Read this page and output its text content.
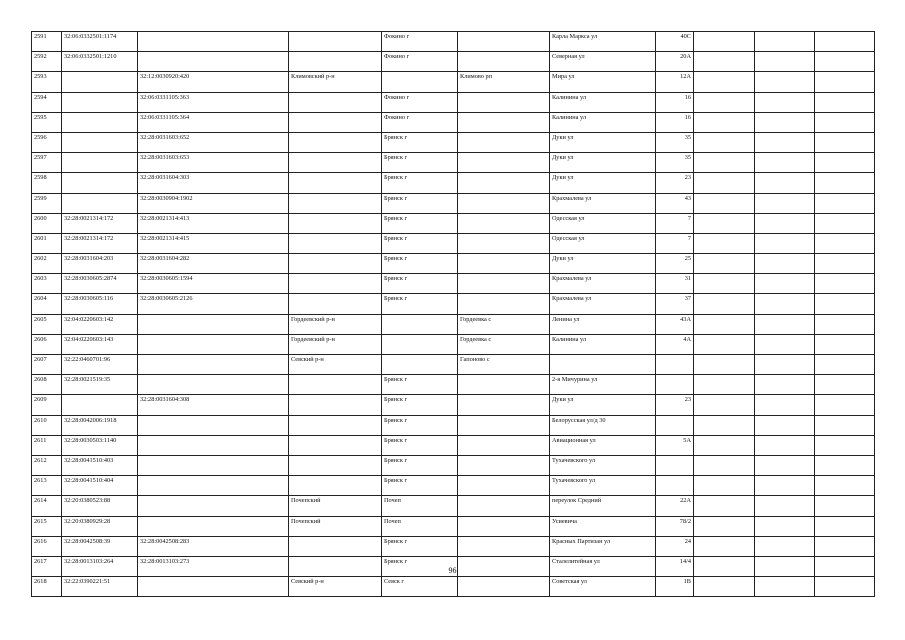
2591	32:06:0332501:1174			Фокино г		Карла Маркса ул	40С			
2592	32:06:0332501:1210			Фокино г		Северная ул	20А			
2593		32:12:0030920:420	Климовский р-н		Климово рп	Мира ул	12А			
2594		32:06:0331105:363		Фокино г		Калинина ул	16			
2595		32:06:0331105:364		Фокино г		Калинина ул	16			
2596		32:28:0031603:652		Брянск г		Дуки ул	35			
2597		32:28:0031603:653		Брянск г		Дуки ул	35			
2598		32:28:0031604:303		Брянск г		Дуки ул	23			
2599		32:28:0030904:1902		Брянск г		Крахмалева ул	43			
2600	32:28:0021314:172	32:28:0021314:413		Брянск г		Одесская ул	7			
2601	32:28:0021314:172	32:28:0021314:415		Брянск г		Одесская ул	7			
2602	32:28:0031604:203	32:28:0031604:282		Брянск г		Дуки ул	25			
2603	32:28:0030605:2874	32:28:0030605:1594		Брянск г		Крахмалева ул	31			
2604	32:28:0030605:116	32:28:0030605:2126		Брянск г		Крахмалева ул	37			
2605	32:04:0220603:142		Гордеевский р-н		Гордеевка с	Ленина ул	43А			
2606	32:04:0220603:143		Гордеевский р-н		Гордеевка с	Калинина ул	4А			
2607	32:22:0460701:96		Севский р-н		Гапоново с					
2608	32:28:0021519:35			Брянск г		2-я Мичурина ул				
2609		32:28:0031604:308		Брянск г		Дуки ул	23			
2610	32:28:0042006:1918			Брянск г		Белорусская ул/д 30				
2611	32:28:0030503:1140			Брянск г		Авиационная ул	5А			
2612	32:28:0041510:403			Брянск г		Тухачевского ул				
2613	32:28:0041510:404			Брянск г		Тухачевского ул				
2614	32:20:0380523:88		Почепский	Почеп		переулок Средний	22А			
2615	32:20:0380929:28		Почепский	Почеп		Усиевича	78/2			
2616	32:28:0042508:39	32:28:0042508:283		Брянск г		Красных Партизан ул	24			
2617	32:28:0013103:264	32:28:0013103:273		Брянск г		Сталелитейная ул	14/4			
2618	32:22:0390221:51		Севский р-н	Севск г		Советская ул	1В			
96
